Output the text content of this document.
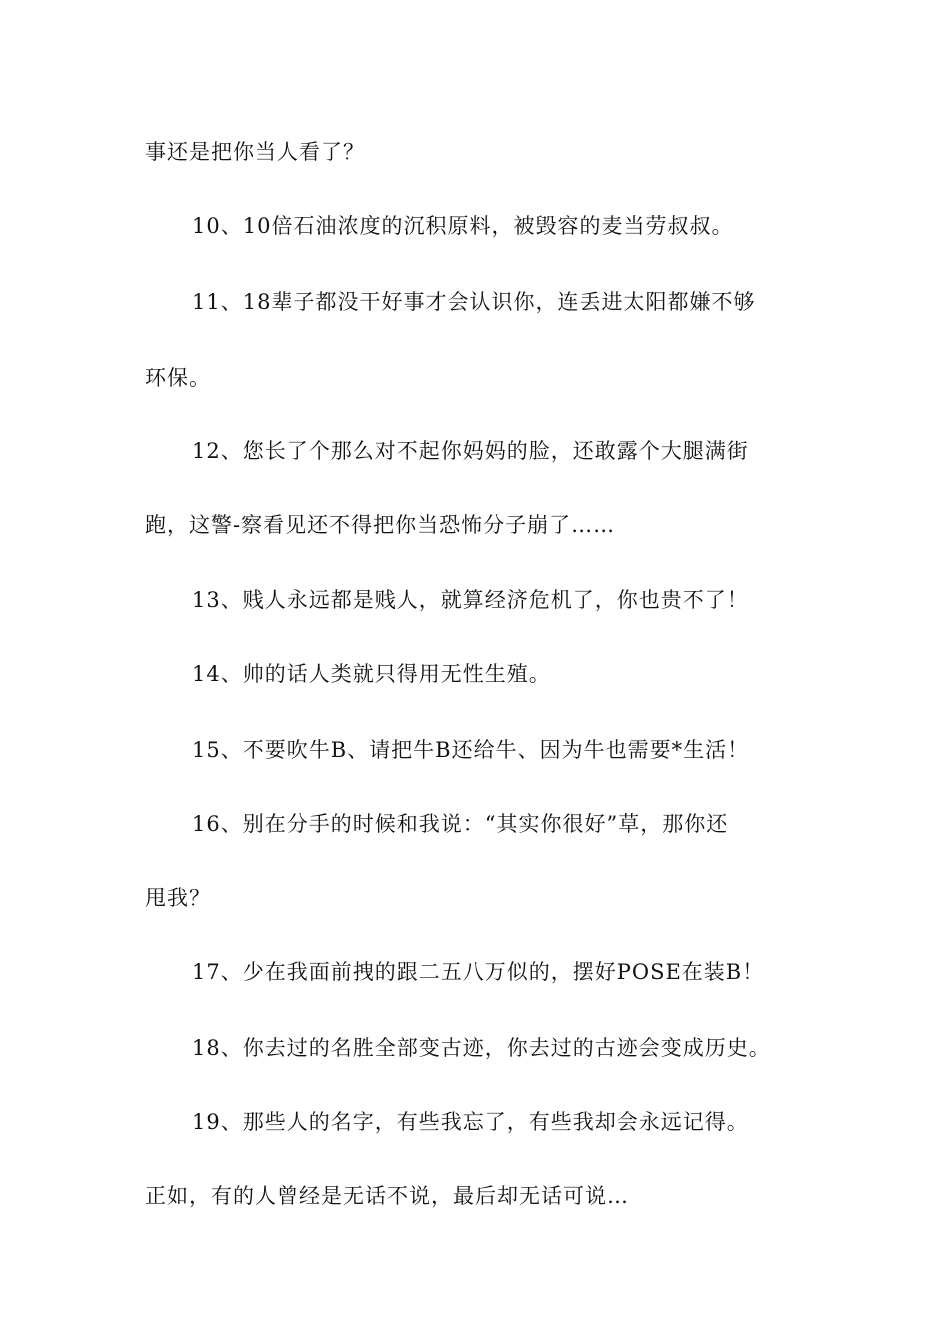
事还是把你当人看了？
10、10倍石油浓度的沉积原料，被毁容的麦当劳叔叔。
11、18辈子都没干好事才会认识你，连丢进太阳都嫌不够
环保。
12、您长了个那么对不起你妈妈的脸，还敢露个大腿满街
跑，这警-察看见还不得把你当恐怖分子崩了……
13、贱人永远都是贱人，就算经济危机了，你也贵不了！
14、帅的话人类就只得用无性生殖。
15、不要吹牛B、请把牛B还给牛、因为牛也需要*生活！
16、别在分手的时候和我说：“其实你很好”草，那你还
甩我？
17、少在我面前拽的跟二五八万似的，摆好POSE在装B！
18、你去过的名胜全部变古迹，你去过的古迹会变成历史。
19、那些人的名字，有些我忘了，有些我却会永远记得。
正如，有的人曾经是无话不说，最后却无话可说…
